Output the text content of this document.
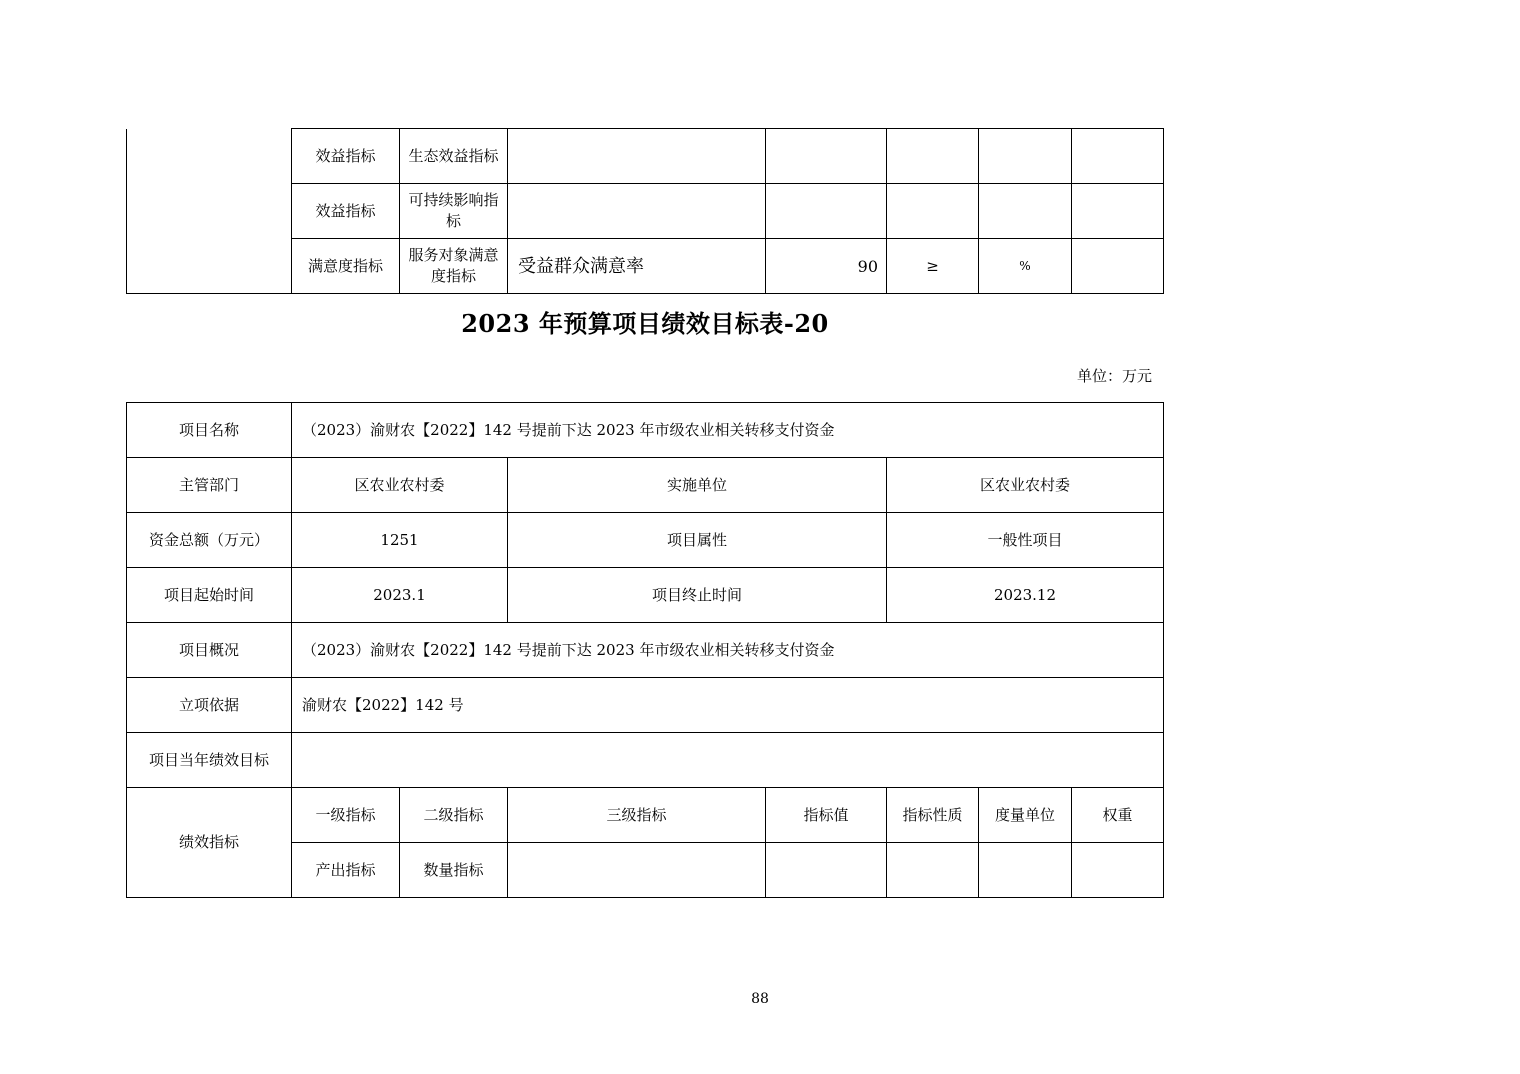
	效益指标	生态效益指标					
	效益指标	可持续影响指标					
	满意度指标	服务对象满意度指标	受益群众满意率	90	≥	%	
2023 年预算项目绩效目标表-20
单位：万元
项目名称	（2023）渝财农【2022】142 号提前下达 2023 年市级农业相关转移支付资金						
主管部门	区农业农村委		实施单位		区农业农村委		
资金总额（万元）	1251		项目属性		一般性项目		
项目起始时间	2023.1		项目终止时间		2023.12		
项目概况	（2023）渝财农【2022】142 号提前下达 2023 年市级农业相关转移支付资金						
立项依据	渝财农【2022】142 号						
项目当年绩效目标							
绩效指标	一级指标	二级指标	三级指标	指标值	指标性质	度量单位	权重
	产出指标	数量指标					
88
